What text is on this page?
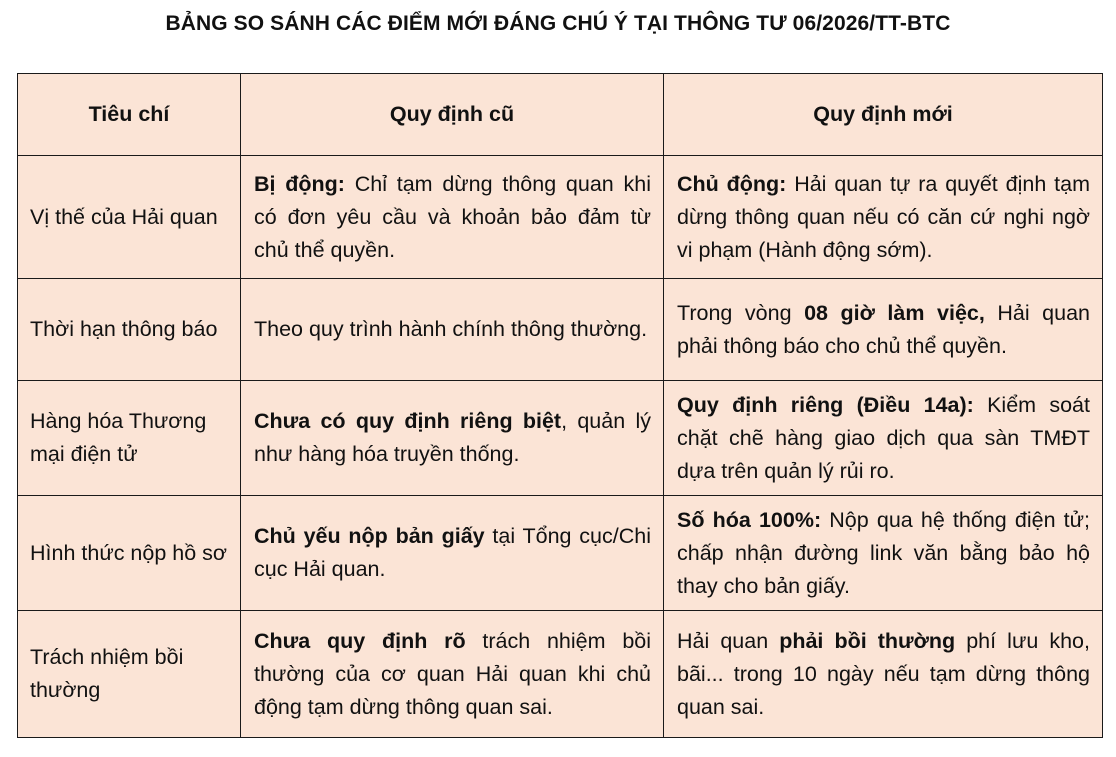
BẢNG SO SÁNH CÁC ĐIỂM MỚI ĐÁNG CHÚ Ý TẠI THÔNG TƯ 06/2026/TT-BTC
Tiêu chí	Quy định cũ	Quy định mới
Vị thế của Hải quan	Bị động: Chỉ tạm dừng thông quan khi có đơn yêu cầu và khoản bảo đảm từ chủ thể quyền.	Chủ động: Hải quan tự ra quyết định tạm dừng thông quan nếu có căn cứ nghi ngờ vi phạm (Hành động sớm).
Thời hạn thông báo	Theo quy trình hành chính thông thường.	Trong vòng 08 giờ làm việc, Hải quan phải thông báo cho chủ thể quyền.
Hàng hóa Thương mại điện tử	Chưa có quy định riêng biệt, quản lý như hàng hóa truyền thống.	Quy định riêng (Điều 14a): Kiểm soát chặt chẽ hàng giao dịch qua sàn TMĐT dựa trên quản lý rủi ro.
Hình thức nộp hồ sơ	Chủ yếu nộp bản giấy tại Tổng cục/Chi cục Hải quan.	Số hóa 100%: Nộp qua hệ thống điện tử; chấp nhận đường link văn bằng bảo hộ thay cho bản giấy.
Trách nhiệm bồi thường	Chưa quy định rõ trách nhiệm bồi thường của cơ quan Hải quan khi chủ động tạm dừng thông quan sai.	Hải quan phải bồi thường phí lưu kho, bãi... trong 10 ngày nếu tạm dừng thông quan sai.
